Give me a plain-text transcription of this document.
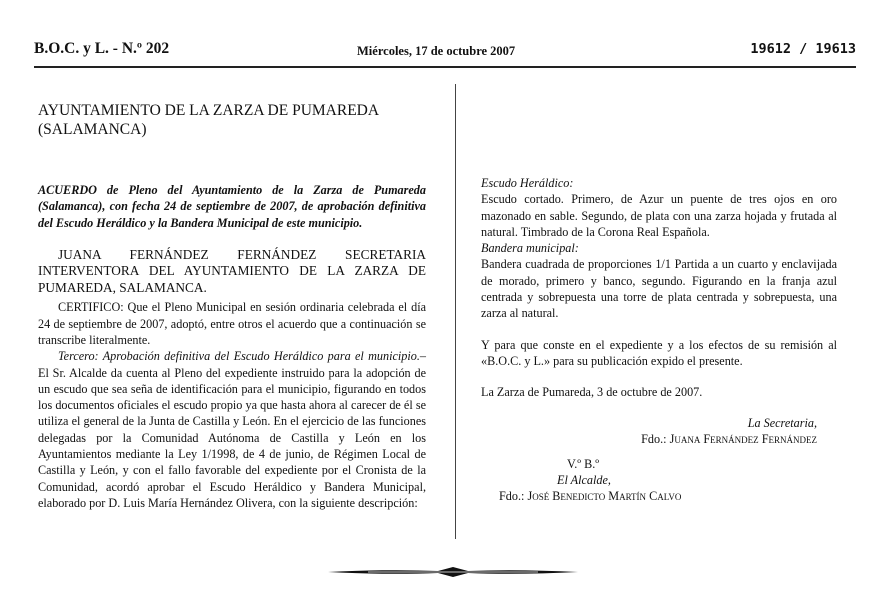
B.O.C. y L. - N.º 202	Miércoles, 17 de octubre 2007	19612 / 19613
AYUNTAMIENTO DE LA ZARZA DE PUMAREDA (SALAMANCA)

ACUERDO de Pleno del Ayuntamiento de la Zarza de Pumareda (Salamanca), con fecha 24 de septiembre de 2007, de aprobación definitiva del Escudo Heráldico y la Bandera Municipal de este municipio.

JUANA FERNÁNDEZ FERNÁNDEZ SECRETARIA INTERVENTORA DEL AYUNTAMIENTO DE LA ZARZA DE PUMAREDA, SALAMANCA.

CERTIFICO: Que el Pleno Municipal en sesión ordinaria celebrada el día 24 de septiembre de 2007, adoptó, entre otros el acuerdo que a continuación se transcribe literalmente.

Tercero: Aprobación definitiva del Escudo Heráldico para el municipio.– El Sr. Alcalde da cuenta al Pleno del expediente instruido para la adopción de un escudo que sea seña de identificación para el municipio, figurando en todos los documentos oficiales el escudo propio ya que hasta ahora al carecer de él se utiliza el general de la Junta de Castilla y León. En el ejercicio de las funciones delegadas por la Comunidad Autónoma de Castilla y León en los Ayuntamientos mediante la Ley 1/1998, de 4 de junio, de Régimen Local de Castilla y León, y con el fallo favorable del expediente por el Cronista de la Comunidad, acordó aprobar el Escudo Heráldico y Bandera Municipal, elaborado por D. Luis María Hernández Olivera, con la siguiente descripción:

Escudo Heráldico:

Escudo cortado. Primero, de Azur un puente de tres ojos en oro mazonado en sable. Segundo, de plata con una zarza hojada y frutada al natural. Timbrado de la Corona Real Española.

Bandera municipal:

Bandera cuadrada de proporciones 1/1 Partida a un cuarto y enclavijada de morado, primero y banco, segundo. Figurando en la franja azul centrada y sobrepuesta una torre de plata centrada y sobrepuesta, una zarza al natural.

Y para que conste en el expediente y a los efectos de su remisión al «B.O.C. y L.» para su publicación expido el presente.

La Zarza de Pumareda, 3 de octubre de 2007.

La Secretaria,
Fdo.: Juana Fernández Fernández
V.º B.º
El Alcalde,
Fdo.: José Benedicto Martín Calvo
